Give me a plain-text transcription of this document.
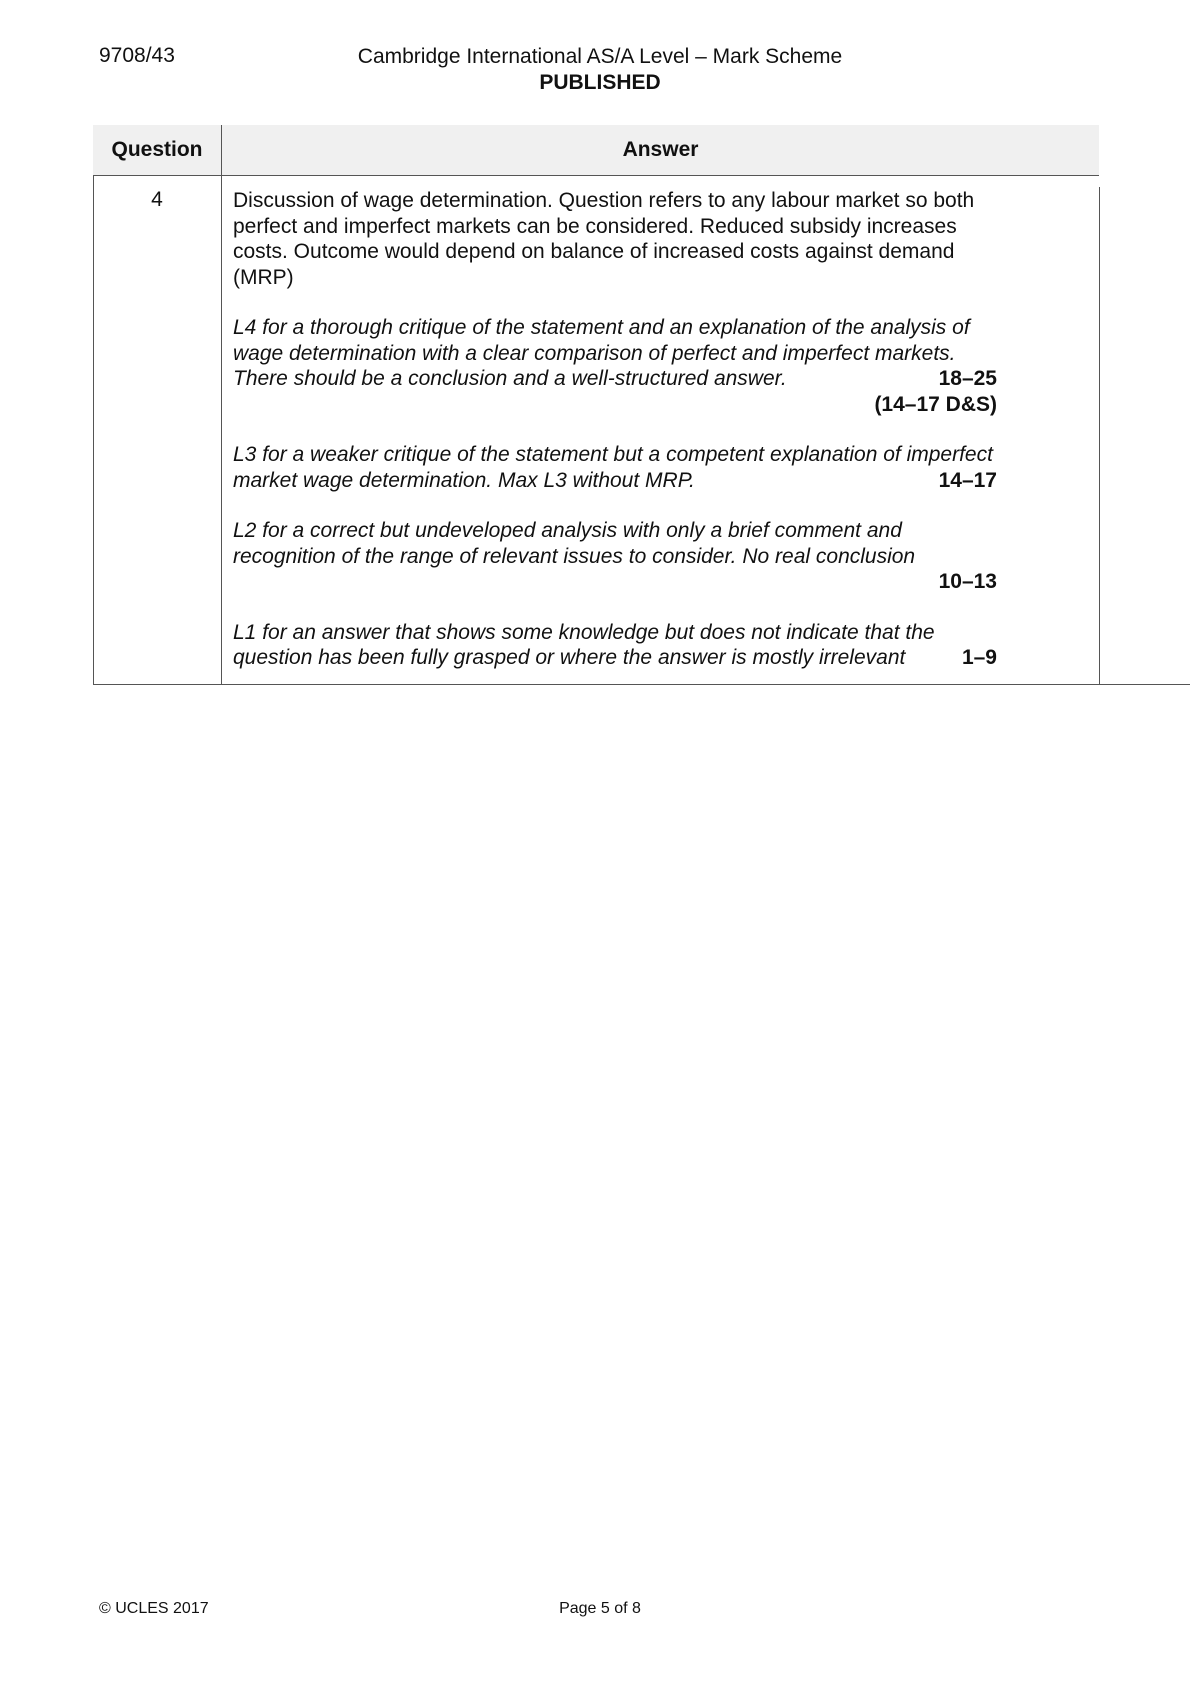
9708/43	Cambridge International AS/A Level – Mark Scheme
PUBLISHED
Question	Answer
4	Discussion of wage determination. Question refers to any labour market so both perfect and imperfect markets can be considered. Reduced subsidy increases costs. Outcome would depend on balance of increased costs against demand (MRP)

L4 for a thorough critique of the statement and an explanation of the analysis of wage determination with a clear comparison of perfect and imperfect markets. There should be a conclusion and a well-structured answer.	18–25
(14–17 D&S)

L3 for a weaker critique of the statement but a competent explanation of imperfect market wage determination. Max L3 without MRP.	14–17

L2 for a correct but undeveloped analysis with only a brief comment and recognition of the range of relevant issues to consider. No real conclusion
10–13

L1 for an answer that shows some knowledge but does not indicate that the question has been fully grasped or where the answer is mostly irrelevant	1–9

© UCLES 2017	Page 5 of 8
